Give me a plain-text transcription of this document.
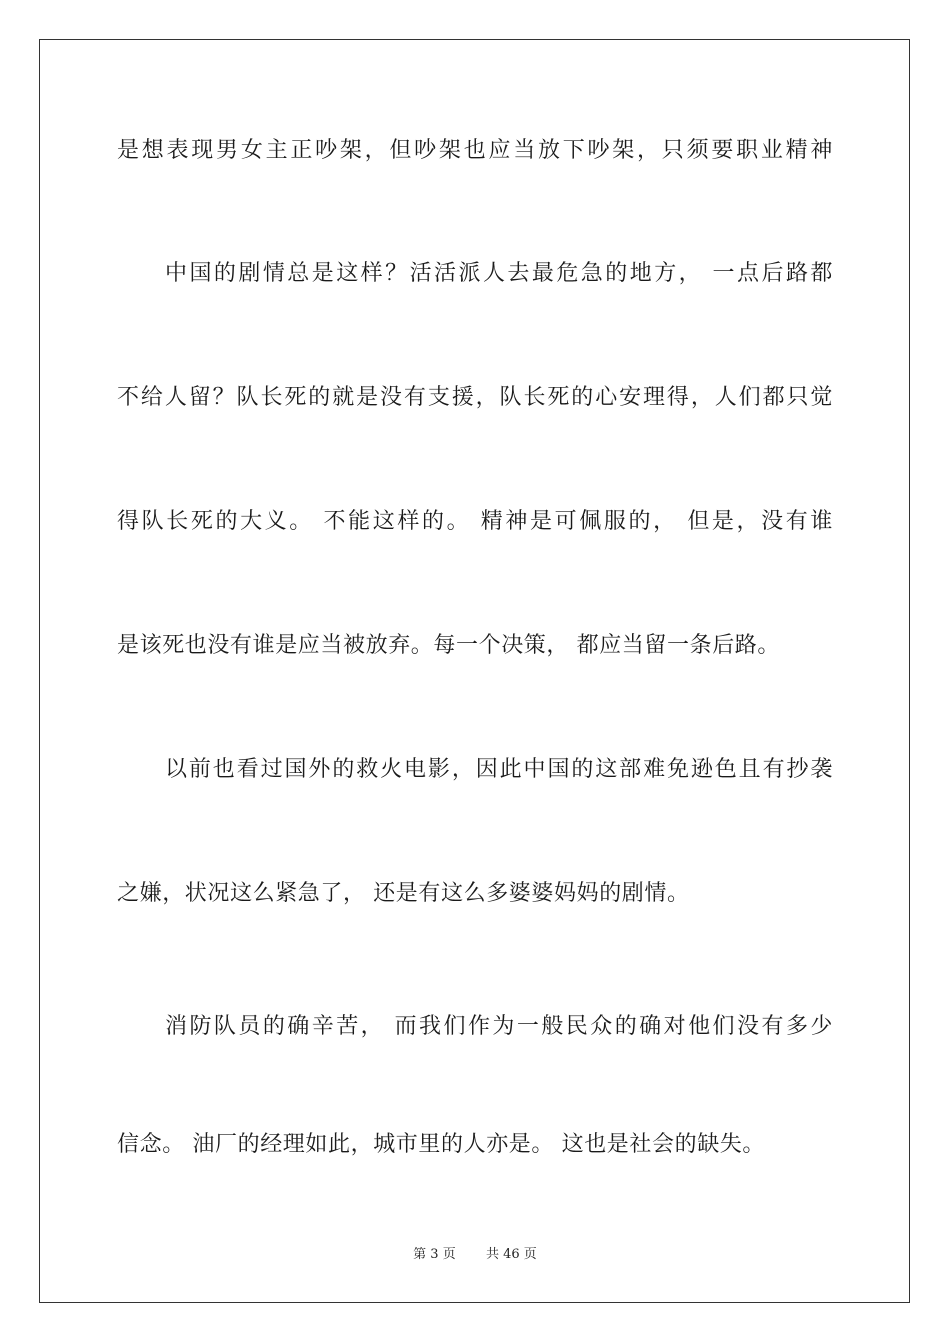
是想表现男女主正吵架，但吵架也应当放下吵架，只须要职业精神
中国的剧情总是这样？活活派人去最危急的地方， 一点后路都
不给人留？队长死的就是没有支援，队长死的心安理得，人们都只觉
得队长死的大义。 不能这样的。 精神是可佩服的， 但是，没有谁
是该死也没有谁是应当被放弃。每一个决策， 都应当留一条后路。
以前也看过国外的救火电影，因此中国的这部难免逊色且有抄袭
之嫌，状况这么紧急了， 还是有这么多婆婆妈妈的剧情。
消防队员的确辛苦， 而我们作为一般民众的确对他们没有多少
信念。 油厂的经理如此，城市里的人亦是。 这也是社会的缺失。
第 3 页 共 46 页
